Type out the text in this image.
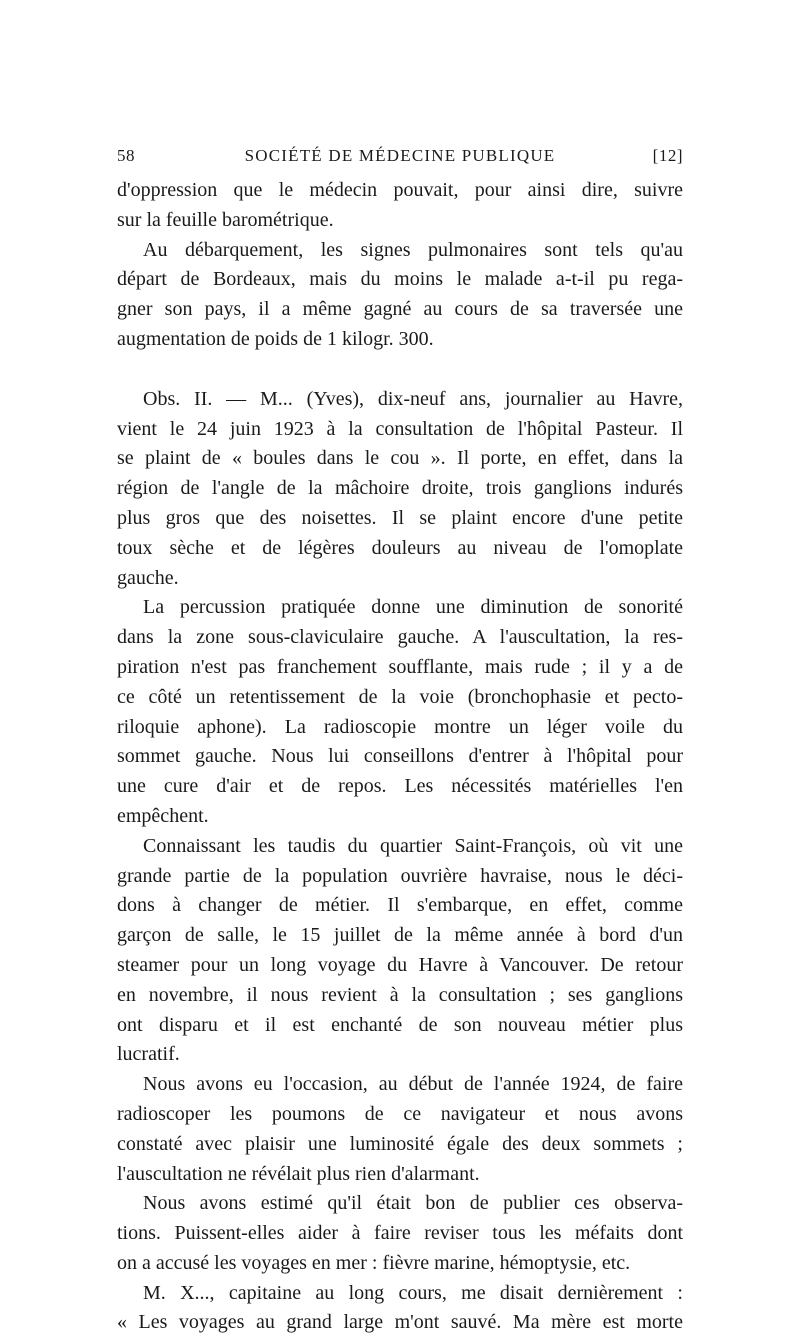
58	SOCIÉTÉ DE MÉDECINE PUBLIQUE	[12]

d'oppression que le médecin pouvait, pour ainsi dire, suivre

sur la feuille barométrique.

Au débarquement, les signes pulmonaires sont tels qu'au

départ de Bordeaux, mais du moins le malade a-t-il pu rega-

gner son pays, il a même gagné au cours de sa traversée une

augmentation de poids de 1 kilogr. 300.

Obs. II. — M... (Yves), dix-neuf ans, journalier au Havre,

vient le 24 juin 1923 à la consultation de l'hôpital Pasteur. Il

se plaint de « boules dans le cou ». Il porte, en effet, dans la

région de l'angle de la mâchoire droite, trois ganglions indurés

plus gros que des noisettes. Il se plaint encore d'une petite

toux sèche et de légères douleurs au niveau de l'omoplate

gauche.

La percussion pratiquée donne une diminution de sonorité

dans la zone sous-claviculaire gauche. A l'auscultation, la res-

piration n'est pas franchement soufflante, mais rude ; il y a de

ce côté un retentissement de la voie (bronchophasie et pecto-

riloquie aphone). La radioscopie montre un léger voile du

sommet gauche. Nous lui conseillons d'entrer à l'hôpital pour

une cure d'air et de repos. Les nécessités matérielles l'en

empêchent.

Connaissant les taudis du quartier Saint-François, où vit une

grande partie de la population ouvrière havraise, nous le déci-

dons à changer de métier. Il s'embarque, en effet, comme

garçon de salle, le 15 juillet de la même année à bord d'un

steamer pour un long voyage du Havre à Vancouver. De retour

en novembre, il nous revient à la consultation ; ses ganglions

ont disparu et il est enchanté de son nouveau métier plus

lucratif.

Nous avons eu l'occasion, au début de l'année 1924, de faire

radioscoper les poumons de ce navigateur et nous avons

constaté avec plaisir une luminosité égale des deux sommets ;

l'auscultation ne révélait plus rien d'alarmant.

Nous avons estimé qu'il était bon de publier ces observa-

tions. Puissent-elles aider à faire reviser tous les méfaits dont

on a accusé les voyages en mer : fièvre marine, hémoptysie, etc.

M. X..., capitaine au long cours, me disait dernièrement :

« Les voyages au grand large m'ont sauvé. Ma mère est morte
